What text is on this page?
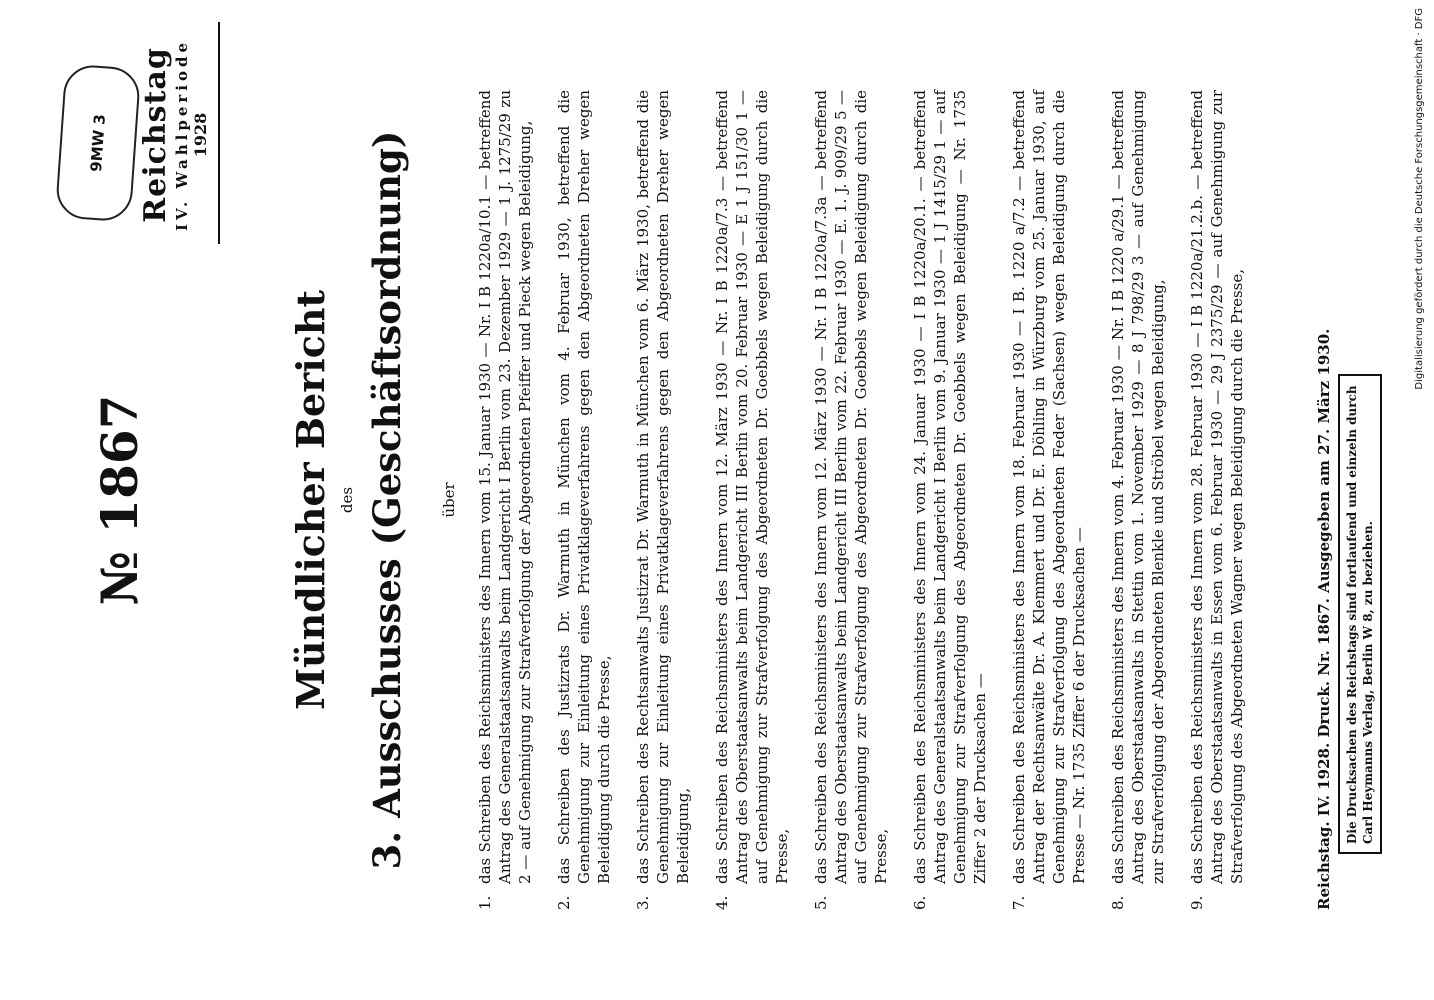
9MW 3 Reichstag IV. Wahlperiode 1928
№ 1867	Mündlicher Bericht des 3. Ausschusses (Geschäftsordnung) über
1.
das Schreiben des Reichsministers des Innern vom 15. Januar 1930 — Nr. I B 1220a/10.1 — betreffend Antrag des Generalstaatsanwalts beim Landgericht I Berlin vom 23. Dezember 1929 — 1 J. 1275/29 zu 2 — auf Genehmigung zur Strafverfolgung der Abgeordneten Pfeiffer und Pieck wegen Beleidigung,
2.
das Schreiben des Justizrats Dr. Warmuth in München vom 4. Februar 1930, betreffend die Genehmigung zur Einleitung eines Privatklageverfahrens gegen den Abgeordneten Dreher wegen Beleidigung durch die Presse,
3.
das Schreiben des Rechtsanwalts Justizrat Dr. Warmuth in München vom 6. März 1930, betreffend die Genehmigung zur Einleitung eines Privatklageverfahrens gegen den Abgeordneten Dreher wegen Beleidigung,
4.
das Schreiben des Reichsministers des Innern vom 12. März 1930 — Nr. I B 1220a/7.3 — betreffend Antrag des Oberstaatsanwalts beim Landgericht III Berlin vom 20. Februar 1930 — E 1 J 151/30 1 — auf Genehmigung zur Strafverfolgung des Abgeordneten Dr. Goebbels wegen Beleidigung durch die Presse,
5.
das Schreiben des Reichsministers des Innern vom 12. März 1930 — Nr. I B 1220a/7.3a — betreffend Antrag des Oberstaatsanwalts beim Landgericht III Berlin vom 22. Februar 1930 — E. 1. J. 909/29 5 — auf Genehmigung zur Strafverfolgung des Abgeordneten Dr. Goebbels wegen Beleidigung durch die Presse,
6.
das Schreiben des Reichsministers des Innern vom 24. Januar 1930 — I B 1220a/20.1. — betreffend Antrag des Generalstaatsanwalts beim Landgericht I Berlin vom 9. Januar 1930 — 1 J 1415/29 1 — auf Genehmigung zur Strafverfolgung des Abgeordneten Dr. Goebbels wegen Beleidigung — Nr. 1735 Ziffer 2 der Drucksachen —
7.
das Schreiben des Reichsministers des Innern vom 18. Februar 1930 — I B. 1220 a/7.2 — betreffend Antrag der Rechtsanwälte Dr. A. Klemmert und Dr. E. Döhling in Würzburg vom 25. Januar 1930, auf Genehmigung zur Strafverfolgung des Abgeordneten Feder (Sachsen) wegen Beleidigung durch die Presse — Nr. 1735 Ziffer 6 der Drucksachen —
8.
das Schreiben des Reichsministers des Innern vom 4. Februar 1930 — Nr. I B 1220 a/29.1 — betreffend Antrag des Oberstaatsanwalts in Stettin vom 1. November 1929 — 8 J 798/29 3 — auf Genehmigung zur Strafverfolgung der Abgeordneten Blenkle und Ströbel wegen Beleidigung,
9.
das Schreiben des Reichsministers des Innern vom 28. Februar 1930 — I B 1220a/21.2.b. — betreffend Antrag des Oberstaatsanwalts in Essen vom 6. Februar 1930 — 29 J 2375/29 — auf Genehmigung zur Strafverfolgung des Abgeordneten Wagner wegen Beleidigung durch die Presse,	Reichstag. IV. 1928. Druck. Nr. 1867. Ausgegeben am 27. März 1930.	Die Drucksachen des Reichstags sind fortlaufend und einzeln durch Carl Heymanns Verlag, Berlin W 8, zu beziehen.
Digitalisierung gefördert durch die Deutsche Forschungsgemeinschaft · DFG
